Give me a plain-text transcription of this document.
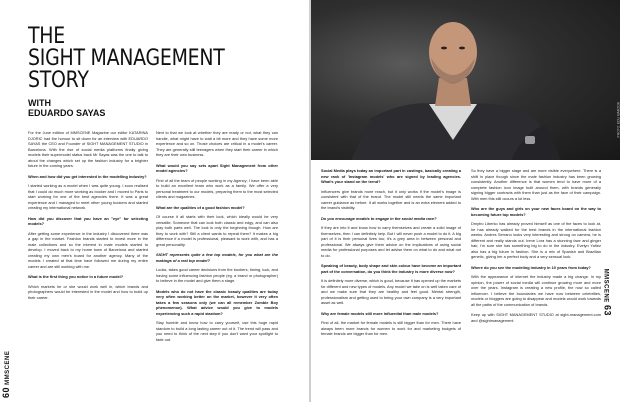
60 MMSCENE
THE
SIGHT MANAGEMENT
STORY
WITH
EDUARDO SAYAS

For the June edition of MMSCENE Magazine our editor KATARINA DJORIC had the honour to sit down for an interview with EDUARDO SAYAS the CEO and Founder of SIGHT MANAGEMENT STUDIO in Barcelona. With the rise of social media platforms finally giving models their supermodel status back Mr Sayas was the one to talk to about the changes which set up the fashion industry for a brighter future in the coming years.

When and how did you get interested in the modelling industry?

I started working as a model when I was quite young. I soon realised that I could do much more working as booker and I moved to Paris to start working for one of the best agencies there. It was a great experience and I managed to meet other young bookers and started creating my international network.

How did you discover that you have an "eye" for selecting models?

After getting some experience in the industry I discovered there was a gap in the market. Fashion brands started to invest more in the male collections and so the interest in male models started to develop. I moved back to my home town of Barcelona and started creating my own men's board for another agency. Many of the models I created at that time have followed me during my entire career and are still working with me.

What is the first thing you notice in a future model?

Which markets he or she would work well in, which brands and photographers would be interested in the model and how to build up their career.

Next to that we look at whether they are ready or not, what they can handle, what might have to wait a bit more and they have some more experience and so on. Those choices are critical in a model's career. They are generally still teenagers when they start their career in which they are their own business.

What would you say sets apart Sight Management from other model agencies?

First of all the team of people working in my Agency; I have been able to build an excellent team who work as a family. We offer a very personal treatment to our models, preparing them to the most selected clients and magazines.

What are the qualities of a good fashion model?

Of course it all starts with their look, which ideally would be very versatile. Someone that can look both classic and edgy, and can also play both parts well. The look is only the beginning though. How are they to work with? Still a client wants to repeat them? It makes a big difference if a model is professional, pleasant to work with, and has a great personality.

SIGHT represents quite a few top models, for you what are the makings of a real top model?

Looks, takes good career decisions from the bookers, timing, luck, and having some influencing fashion people (eg. a brand or photographer) to believe in the model and give them a stage.

Models who do not have the classic beauty qualities are today very often working better on the market, however it very often takes a few seasons only (we can all remember Zombie Boy phenomenon). What advice would you give to models experiencing such a rapid stardom?

Stay humble and know how to carry yourself, use this huge rapid stardom to build a long lasting career out of it. The trend will pass and you need to think of the next step if you don't want your spotlight to fade out.

PHOTO: EDU MARZOA

Social Media plays today an important part in castings, basically creating a new rank of 'Instagram models' who are signed by leading agencies. What's your stand on the trend?

Influencers give brands more reach, but it only works if the model's image is consistent with that of the brand. The model still needs the same important career guidance as before. It all works together and is an extra element added to the brand's visibility.

Do you encourage models to engage in the social media race?

If they are into it and know how to carry themselves and create a solid image of themselves, then I can definitely help. But I will never push a model to do it. A big part of it is their personal lives too; it's a grey area in between personal and professional. We always give them advice on the implications of using social media for professional purposes and let advise them on what to do and what not to do.

Speaking of beauty, body shape and skin colour have become an important part of the conversation, do you think the industry is more diverse now?

It is definitely more diverse, which is good, because it has opened up the markets for different and new types of models. Any model we take on is well taken care of and we make sure that they are healthy and feel good. Mental strength, professionalism and getting used to being your own company is a very important asset as well.

Why are female models still more influential than male models?

First of all, the market for female models is still bigger than for men. There have always been more brands for women to work for and marketing budgets of female brands are bigger than for men.

So they have a bigger stage and are more visible everywhere. There is a shift in place though since the male fashion industry has been growing consistently. Another difference is that women tend to have more of a complete fashion icon image built around them, with brands generally signing bigger contracts with them than just as the face of their campaign. With men this still occurs a lot less.

Who are the guys and girls on your new faces board on the way to becoming future top models?

Dmytro Liberko has already proved himself as one of the faces to look at, he has already walked for the best brands in the international fashion weeks. Andres Serrano looks very interesting and strong on camera, he is different and really stands out. Irene Lora has a stunning face and ginger hair, I'm sure she has something big to do in the industry. Evelyn Yañez also has a big future in fashion. She is a mix of Spanish and Brazilian genetic, giving her a perfect body and a very sensual look.

Where do you see the modeling industry in 10 years from today?

With the appearance of internet the industry made a big change. In my opinion, the power of social media will continue growing more and more over the years. Instagram is creating a new profile, the now so called influencer. I believe the boundaries we have now between celebrities, models or bloggers are going to disappear and models would work towards all the paths of the communication of brands.

Keep up with SIGHT MANAGEMENT STUDIO at sight-management.com and @sightmanagement

MMSCENE 63
